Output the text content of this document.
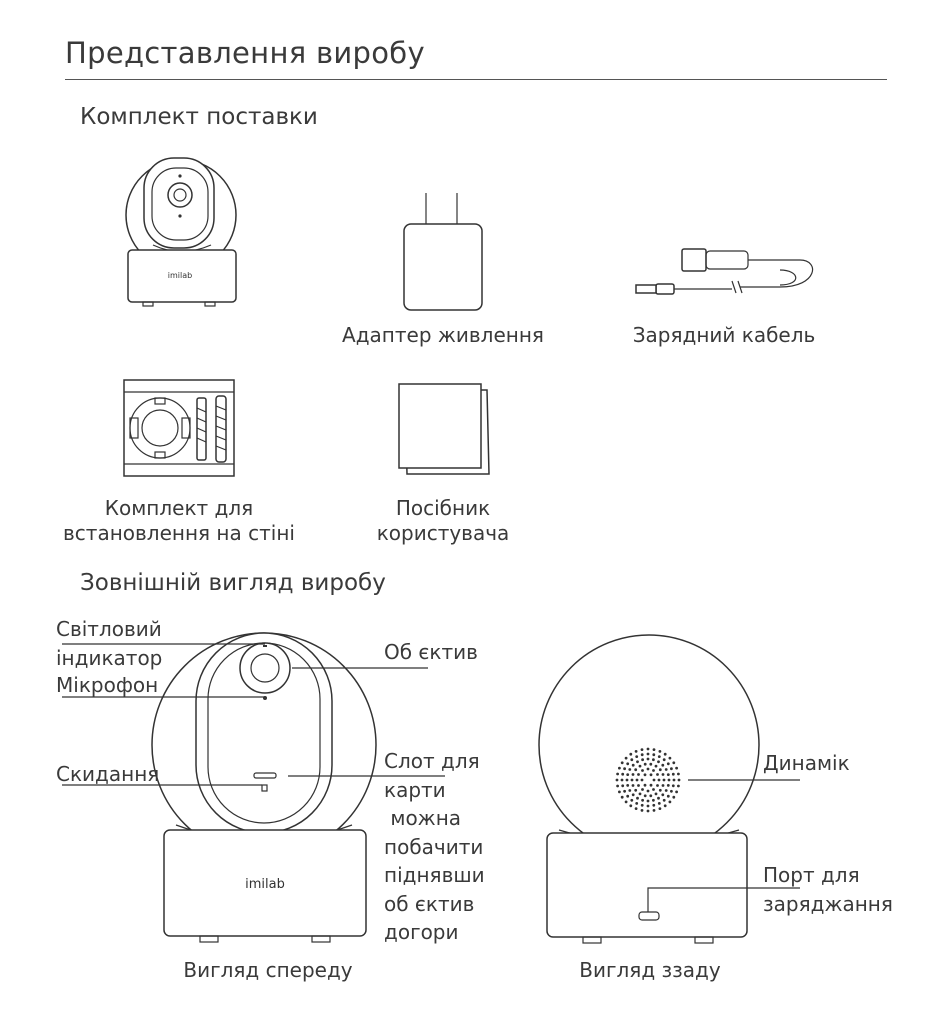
Представлення виробу
Комплект поставки
imilab
Адаптер живлення	Зарядний кабель
Комплект для
встановлення на стіні
Посібник
користувача
Зовнішній вигляд виробу
imilab
Світловий
індикатор
Мікрофон
Скидання
Об єктив
Слот для
карти
можна
побачити
піднявши
об єктив
догори
Вигляд спереду
Динамік
Порт для
заряджання
Вигляд ззаду
